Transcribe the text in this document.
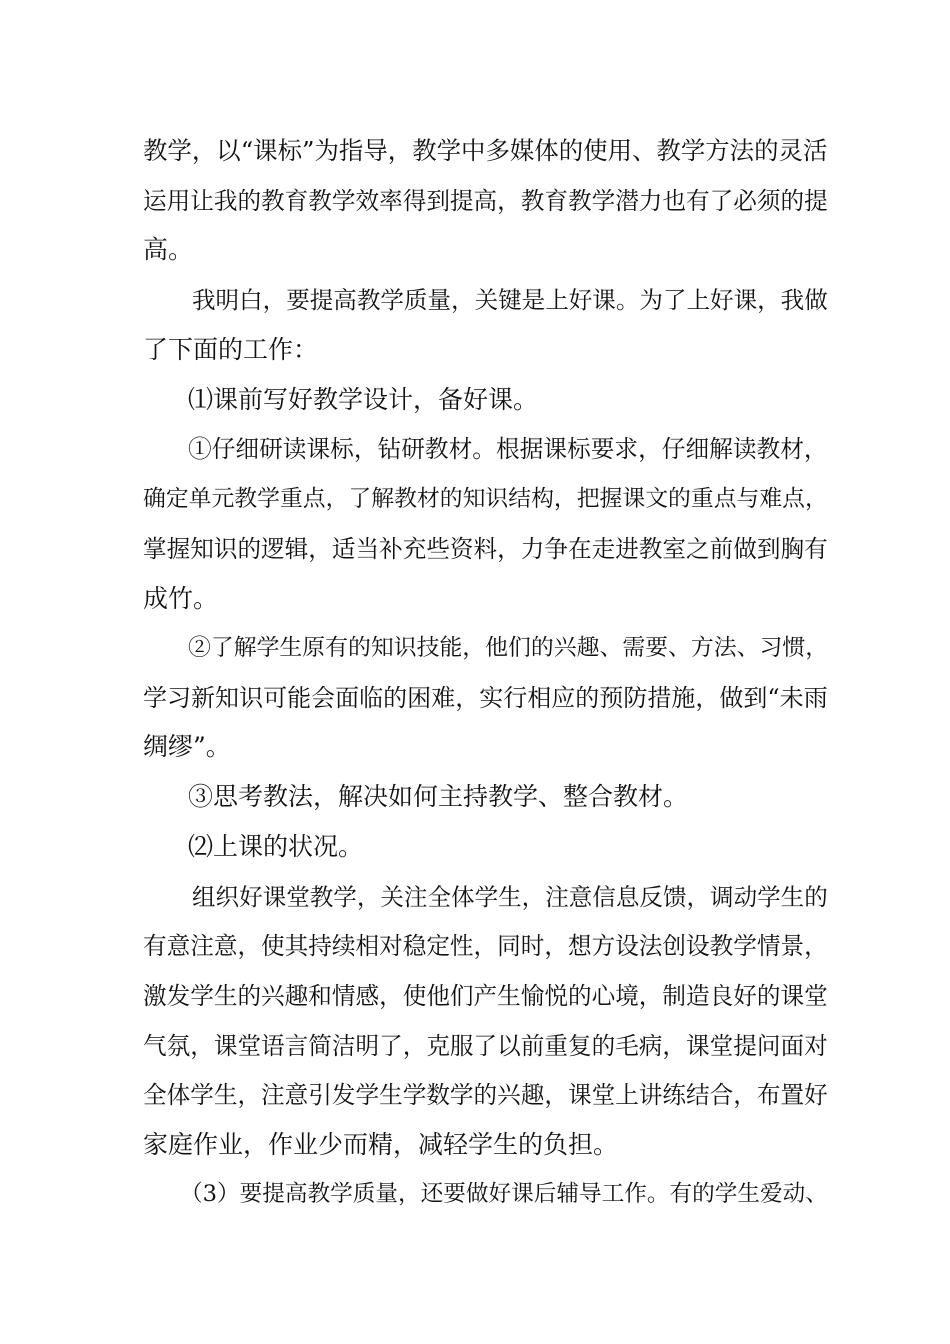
教学，以“课标”为指导，教学中多媒体的使用、教学方法的灵活
运用让我的教育教学效率得到提高，教育教学潜力也有了必须的提
高。
我明白，要提高教学质量，关键是上好课。为了上好课，我做
了下面的工作：
⑴课前写好教学设计，备好课。
①仔细研读课标，钻研教材。根据课标要求，仔细解读教材，
确定单元教学重点，了解教材的知识结构，把握课文的重点与难点，
掌握知识的逻辑，适当补充些资料，力争在走进教室之前做到胸有
成竹。
②了解学生原有的知识技能，他们的兴趣、需要、方法、习惯，
学习新知识可能会面临的困难，实行相应的预防措施，做到“未雨
绸缪”。
③思考教法，解决如何主持教学、整合教材。
⑵上课的状况。
组织好课堂教学，关注全体学生，注意信息反馈，调动学生的
有意注意，使其持续相对稳定性，同时，想方设法创设教学情景，
激发学生的兴趣和情感，使他们产生愉悦的心境，制造良好的课堂
气氛，课堂语言简洁明了，克服了以前重复的毛病，课堂提问面对
全体学生，注意引发学生学数学的兴趣，课堂上讲练结合，布置好
家庭作业，作业少而精，减轻学生的负担。
（3）要提高教学质量，还要做好课后辅导工作。有的学生爱动、
